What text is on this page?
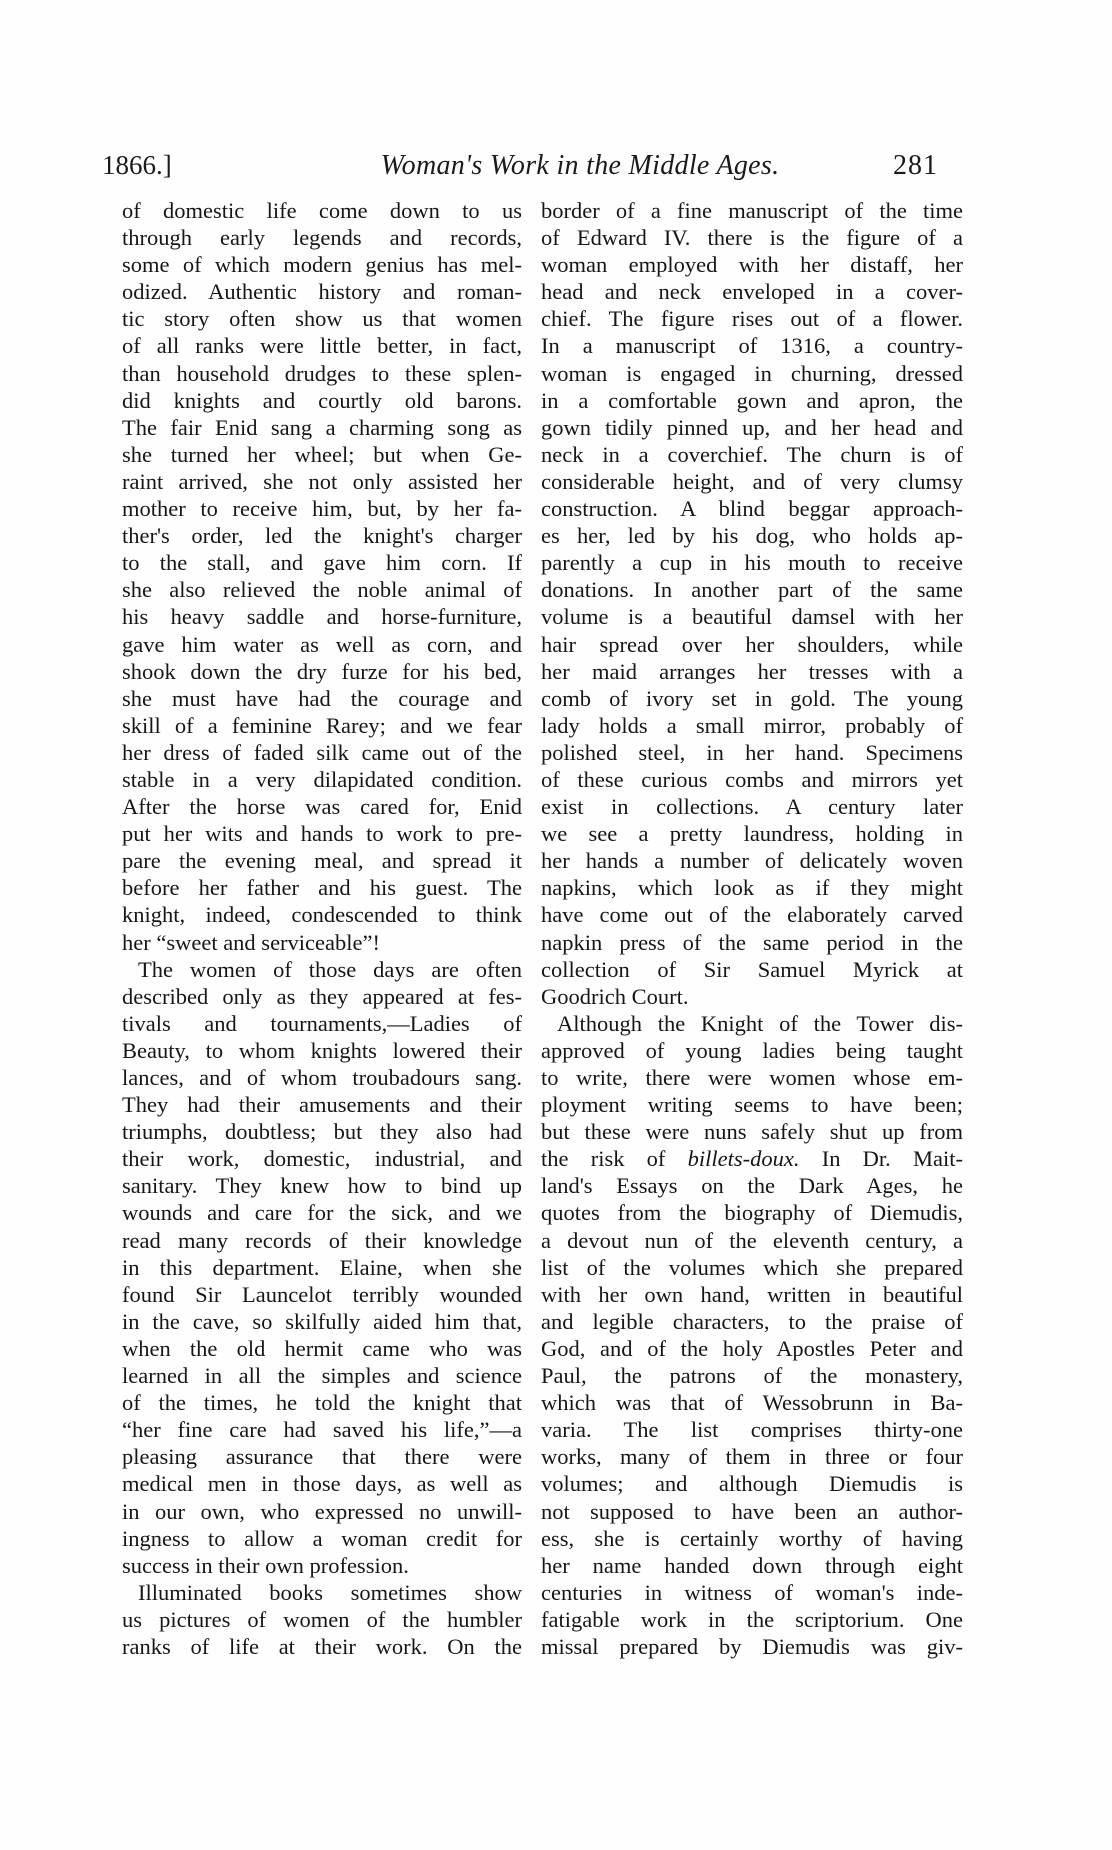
1866.]	Woman's Work in the Middle Ages.	281
of domestic life come down to us
through early legends and records,
some of which modern genius has mel-
odized. Authentic history and roman-
tic story often show us that women
of all ranks were little better, in fact,
than household drudges to these splen-
did knights and courtly old barons.
The fair Enid sang a charming song as
she turned her wheel; but when Ge-
raint arrived, she not only assisted her
mother to receive him, but, by her fa-
ther's order, led the knight's charger
to the stall, and gave him corn. If
she also relieved the noble animal of
his heavy saddle and horse-furniture,
gave him water as well as corn, and
shook down the dry furze for his bed,
she must have had the courage and
skill of a feminine Rarey; and we fear
her dress of faded silk came out of the
stable in a very dilapidated condition.
After the horse was cared for, Enid
put her wits and hands to work to pre-
pare the evening meal, and spread it
before her father and his guest. The
knight, indeed, condescended to think
her “sweet and serviceable”!
The women of those days are often
described only as they appeared at fes-
tivals and tournaments,—Ladies of
Beauty, to whom knights lowered their
lances, and of whom troubadours sang.
They had their amusements and their
triumphs, doubtless; but they also had
their work, domestic, industrial, and
sanitary. They knew how to bind up
wounds and care for the sick, and we
read many records of their knowledge
in this department. Elaine, when she
found Sir Launcelot terribly wounded
in the cave, so skilfully aided him that,
when the old hermit came who was
learned in all the simples and science
of the times, he told the knight that
“her fine care had saved his life,”—a
pleasing assurance that there were
medical men in those days, as well as
in our own, who expressed no unwill-
ingness to allow a woman credit for
success in their own profession.
Illuminated books sometimes show
us pictures of women of the humbler
ranks of life at their work. On the
border of a fine manuscript of the time
of Edward IV. there is the figure of a
woman employed with her distaff, her
head and neck enveloped in a cover-
chief. The figure rises out of a flower.
In a manuscript of 1316, a country-
woman is engaged in churning, dressed
in a comfortable gown and apron, the
gown tidily pinned up, and her head and
neck in a coverchief. The churn is of
considerable height, and of very clumsy
construction. A blind beggar approach-
es her, led by his dog, who holds ap-
parently a cup in his mouth to receive
donations. In another part of the same
volume is a beautiful damsel with her
hair spread over her shoulders, while
her maid arranges her tresses with a
comb of ivory set in gold. The young
lady holds a small mirror, probably of
polished steel, in her hand. Specimens
of these curious combs and mirrors yet
exist in collections. A century later
we see a pretty laundress, holding in
her hands a number of delicately woven
napkins, which look as if they might
have come out of the elaborately carved
napkin press of the same period in the
collection of Sir Samuel Myrick at
Goodrich Court.
Although the Knight of the Tower dis-
approved of young ladies being taught
to write, there were women whose em-
ployment writing seems to have been;
but these were nuns safely shut up from
the risk of billets-doux. In Dr. Mait-
land's Essays on the Dark Ages, he
quotes from the biography of Diemudis,
a devout nun of the eleventh century, a
list of the volumes which she prepared
with her own hand, written in beautiful
and legible characters, to the praise of
God, and of the holy Apostles Peter and
Paul, the patrons of the monastery,
which was that of Wessobrunn in Ba-
varia. The list comprises thirty-one
works, many of them in three or four
volumes; and although Diemudis is
not supposed to have been an author-
ess, she is certainly worthy of having
her name handed down through eight
centuries in witness of woman's inde-
fatigable work in the scriptorium. One
missal prepared by Diemudis was giv-
